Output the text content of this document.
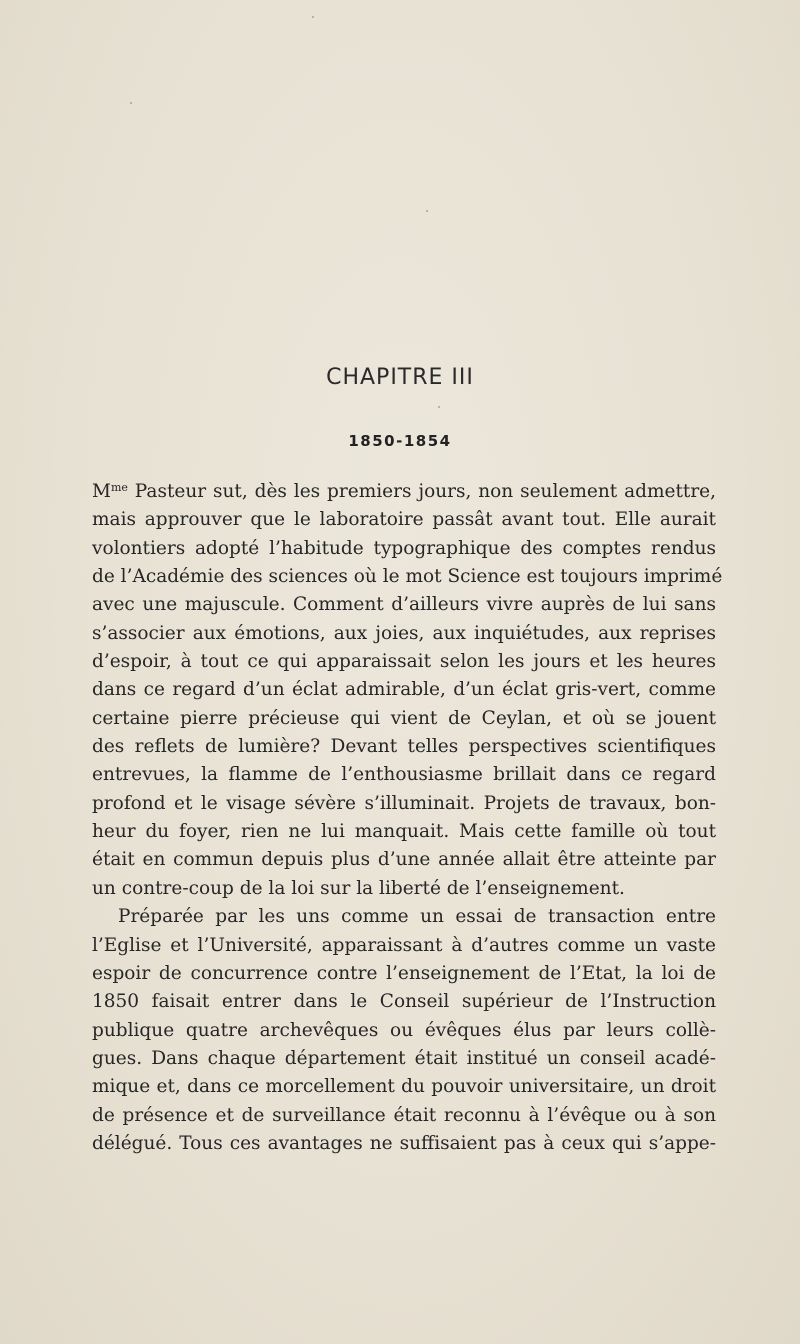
CHAPITRE III
1850-1854
$M^{me}$ Pasteur sut, dès les premiers jours, non seulement admettre,
mais approuver que le laboratoire passât avant tout. Elle aurait
volontiers adopté l’habitude typographique des comptes rendus
de l’Académie des sciences où le mot Science est toujours imprimé
avec une majuscule. Comment d’ailleurs vivre auprès de lui sans
s’associer aux émotions, aux joies, aux inquiétudes, aux reprises
d’espoir, à tout ce qui apparaissait selon les jours et les heures
dans ce regard d’un éclat admirable, d’un éclat gris-vert, comme
certaine pierre précieuse qui vient de Ceylan, et où se jouent
des reflets de lumière? Devant telles perspectives scientifiques
entrevues, la flamme de l’enthousiasme brillait dans ce regard
profond et le visage sévère s’illuminait. Projets de travaux, bon-
heur du foyer, rien ne lui manquait. Mais cette famille où tout
était en commun depuis plus d’une année allait être atteinte par
un contre-coup de la loi sur la liberté de l’enseignement.
Préparée par les uns comme un essai de transaction entre
l’Eglise et l’Université, apparaissant à d’autres comme un vaste
espoir de concurrence contre l’enseignement de l’Etat, la loi de
1850 faisait entrer dans le Conseil supérieur de l’Instruction
publique quatre archevêques ou évêques élus par leurs collè-
gues. Dans chaque département était institué un conseil acadé-
mique et, dans ce morcellement du pouvoir universitaire, un droit
de présence et de surveillance était reconnu à l’évêque ou à son
délégué. Tous ces avantages ne suffisaient pas à ceux qui s’appe-
